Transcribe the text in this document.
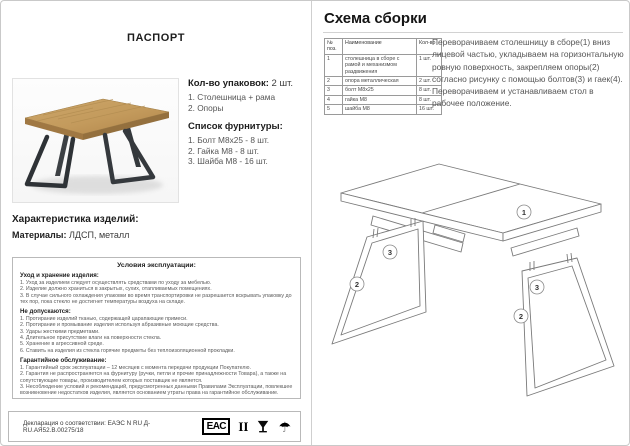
ПАСПОРТ
Кол-во упаковок: 2 шт.
1. Столешница + рама
2. Опоры
Список фурнитуры:
1. Болт М8х25 - 8 шт.
2. Гайка М8 - 8 шт.
3. Шайба М8 - 16 шт.
Характеристика изделий:
Материалы: ЛДСП, металл
Условия эксплуатации:
Уход и хранение изделия:
1. Уход за изделием следует осуществлять средствами по уходу за мебелью.
2. Изделие должно храниться в закрытых, сухих, отапливаемых помещениях.
3. В случае сильного охлаждения упаковки во время транспортировки не разрешается вскрывать упаковку до тех пор, пока стекло не достигнет температуры воздуха на складе.
Не допускаются:
1. Протирание изделий тканью, содержащей царапающие примеси.
2. Протирание и промывание изделия используя абразивные моющие средства.
3. Удары жесткими предметами.
4. Длительное присутствие влаги на поверхности стекла.
5. Хранение в агрессивной среде.
6. Ставить на изделия из стекла горячие предметы без теплоизоляционной прокладки.
Гарантийное обслуживание:
1. Гарантийный срок эксплуатации – 12 месяцев с момента передачи продукции Покупателю.
2. Гарантия не распространяется на фурнитуру (ручки, петли и прочие принадлежности Товара), а также на сопутствующие товары, производителем которых поставщик не является.
3. Несоблюдение условий и рекомендаций, предусмотренных данными Правилами Эксплуатации, повлекшее возникновение недостатков изделия, является основанием утраты права на гарантийное обслуживание.
Декларация о соответствии: ЕАЭС N RU Д-RU.АЯ52.В.00275/18	ЕАС II ☂
Схема сборки
№ поз.	Наименование	Кол-во
1	столешница в сборе с рамой и механизмом раздвижения	1 шт.
2	опора металлическая	2 шт.
3	болт М8х25	8 шт.
4	гайка М8	8 шт.
5	шайба М8	16 шт.
Переворачиваем столешницу в сборе(1) вниз лицевой частью, укладываем на горизонтальную ровную поверхность, закрепляем опоры(2) согласно рисунку с помощью болтов(3) и гаек(4). Переворачиваем и устанавливаем стол в рабочее положение.
1
3
2	3
2
